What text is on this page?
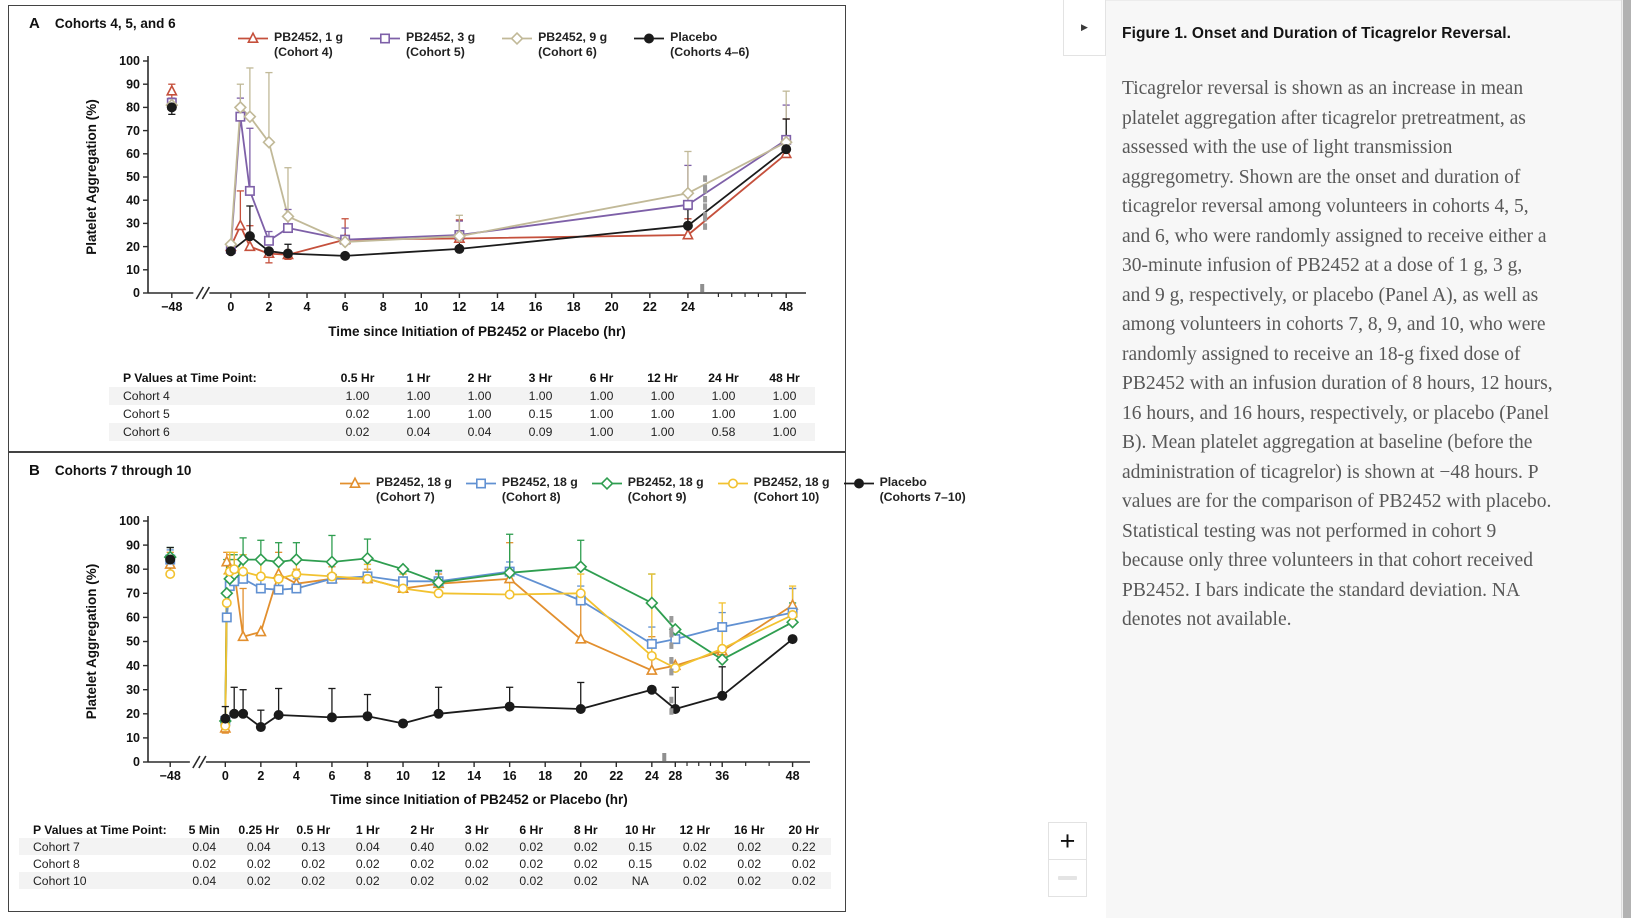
A Cohorts 4, 5, and 6
PB2452, 1 g
(Cohort 4)
PB2452, 3 g
(Cohort 5)
PB2452, 9 g
(Cohort 6)
Placebo
(Cohorts 4–6)
0
10
20
30
40
50
60
70
80
90
100
Platelet Aggregation (%)
−48	0 2 4 6 8 10 12 14 16 18 20 22 24	48
Time since Initiation of PB2452 or Placebo (hr)
P Values at Time Point:	0.5 Hr	1 Hr	2 Hr	3 Hr	6 Hr	12 Hr	24 Hr	48 Hr
Cohort 4	1.00	1.00	1.00	1.00	1.00	1.00	1.00	1.00
Cohort 5	0.02	1.00	1.00	0.15	1.00	1.00	1.00	1.00
Cohort 6	0.02	0.04	0.04	0.09	1.00	1.00	0.58	1.00
B Cohorts 7 through 10
PB2452, 18 g
(Cohort 7)
PB2452, 18 g
(Cohort 8)
PB2452, 18 g
(Cohort 9)
PB2452, 18 g
(Cohort 10)
Placebo
(Cohorts 7–10)
0
10
20
30
40
50
60
70
80
90
100
Platelet Aggregation (%)
−48	0 2 4 6 8 10 12 14 16 18 20 22 24 28	36	48
Time since Initiation of PB2452 or Placebo (hr)
P Values at Time Point:	5 Min	0.25 Hr	0.5 Hr	1 Hr	2 Hr	3 Hr	6 Hr	8 Hr	10 Hr	12 Hr	16 Hr	20 Hr
Cohort 7	0.04	0.04	0.13	0.04	0.40	0.02	0.02	0.02	0.15	0.02	0.02	0.22
Cohort 8	0.02	0.02	0.02	0.02	0.02	0.02	0.02	0.02	0.15	0.02	0.02	0.02
Cohort 10	0.04	0.02	0.02	0.02	0.02	0.02	0.02	0.02	NA	0.02	0.02	0.02
+
▶ Figure 1. Onset and Duration of Ticagrelor Reversal.

Ticagrelor reversal is shown as an increase in mean platelet aggregation after ticagrelor pretreatment, as assessed with the use of light transmission aggregometry. Shown are the onset and duration of ticagrelor reversal among volunteers in cohorts 4, 5, and 6, who were randomly assigned to receive either a 30-minute infusion of PB2452 at a dose of 1 g, 3 g, and 9 g, respectively, or placebo (Panel A), as well as among volunteers in cohorts 7, 8, 9, and 10, who were randomly assigned to receive an 18-g fixed dose of PB2452 with an infusion duration of 8 hours, 12 hours, 16 hours, and 16 hours, respectively, or placebo (Panel B). Mean platelet aggregation at baseline (before the administration of ticagrelor) is shown at −48 hours. P values are for the comparison of PB2452 with placebo. Statistical testing was not performed in cohort 9 because only three volunteers in that cohort received PB2452. I bars indicate the standard deviation. NA denotes not available.
